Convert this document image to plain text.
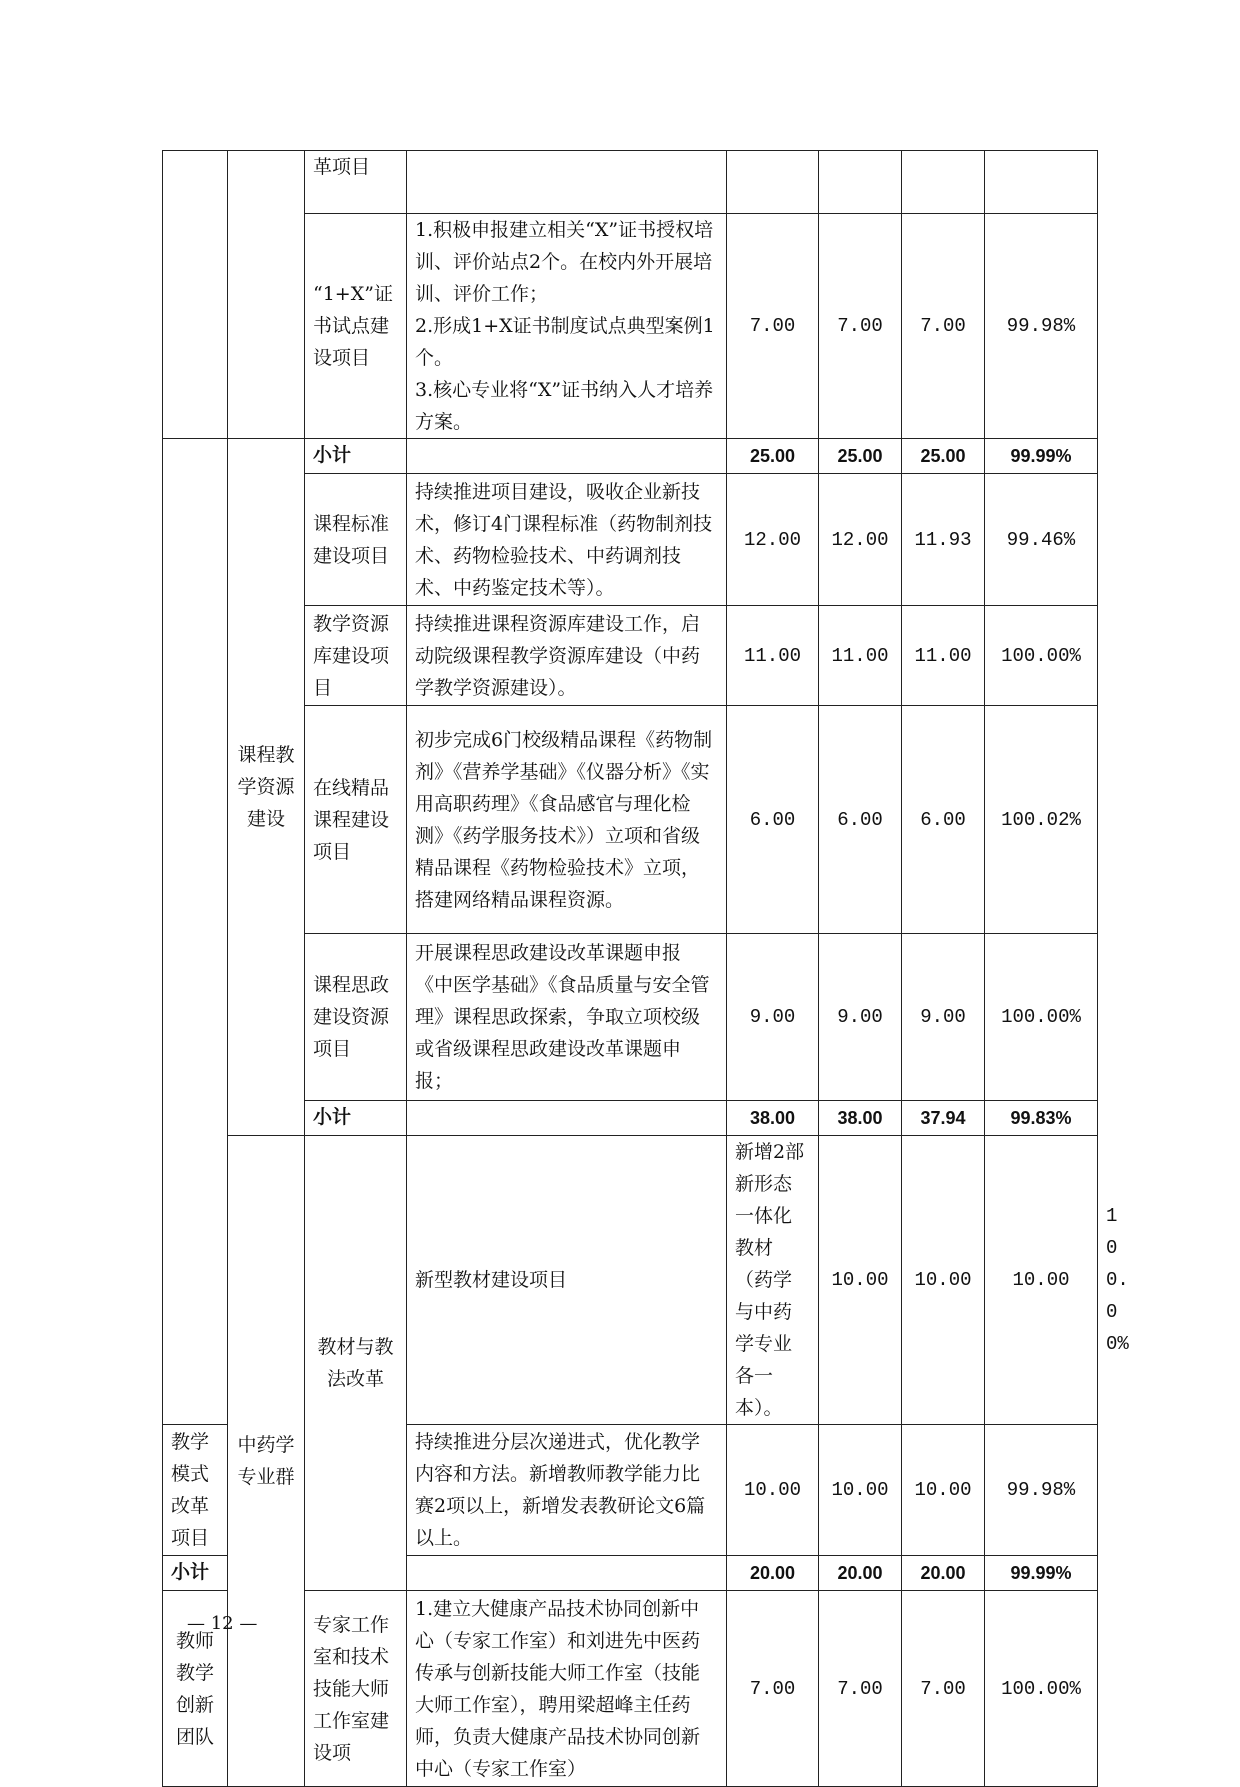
		革项目						
		“1+X”证书试点建设项目	1.积极申报建立相关“X”证书授权培训、评价站点2个。在校内外开展培训、评价工作；
2.形成1+X证书制度试点典型案例1个。
3.核心专业将“X”证书纳入人才培养方案。	7.00	7.00	7.00	99.98%	
	课程教学资源建设	小计		25.00	25.00	25.00	99.99%	
		课程标准建设项目	持续推进项目建设，吸收企业新技术，修订4门课程标准（药物制剂技术、药物检验技术、中药调剂技术、中药鉴定技术等）。	12.00	12.00	11.93	99.46%	
		教学资源库建设项目	持续推进课程资源库建设工作，启动院级课程教学资源库建设（中药学教学资源建设）。	11.00	11.00	11.00	100.00%	
		在线精品课程建设项目	初步完成6门校级精品课程《药物制剂》《营养学基础》《仪器分析》《实用高职药理》《食品感官与理化检测》《药学服务技术》）立项和省级精品课程《药物检验技术》立项，搭建网络精品课程资源。	6.00	6.00	6.00	100.02%	
		课程思政建设资源项目	开展课程思政建设改革课题申报《中医学基础》《食品质量与安全管理》课程思政探索，争取立项校级或省级课程思政建设改革课题申报；	9.00	9.00	9.00	100.00%	
		小计		38.00	38.00	37.94	99.83%	
	中药学专业群	教材与教法改革	新型教材建设项目	新增2部新形态一体化教材（药学与中药学专业各一本）。	10.00	10.00	10.00	100.00%
教学模式改革项目			持续推进分层次递进式，优化教学内容和方法。新增教师教学能力比赛2项以上，新增发表教研论文6篇以上。	10.00	10.00	10.00	99.98%	
小计				20.00	20.00	20.00	99.99%	
教师教学创新团队		专家工作室和技术技能大师工作室建设项	1.建立大健康产品技术协同创新中心（专家工作室）和刘进先中医药传承与创新技能大师工作室（技能大师工作室），聘用梁超峰主任药师，负责大健康产品技术协同创新中心（专家工作室）	7.00	7.00	7.00	100.00%	
— 12 —
